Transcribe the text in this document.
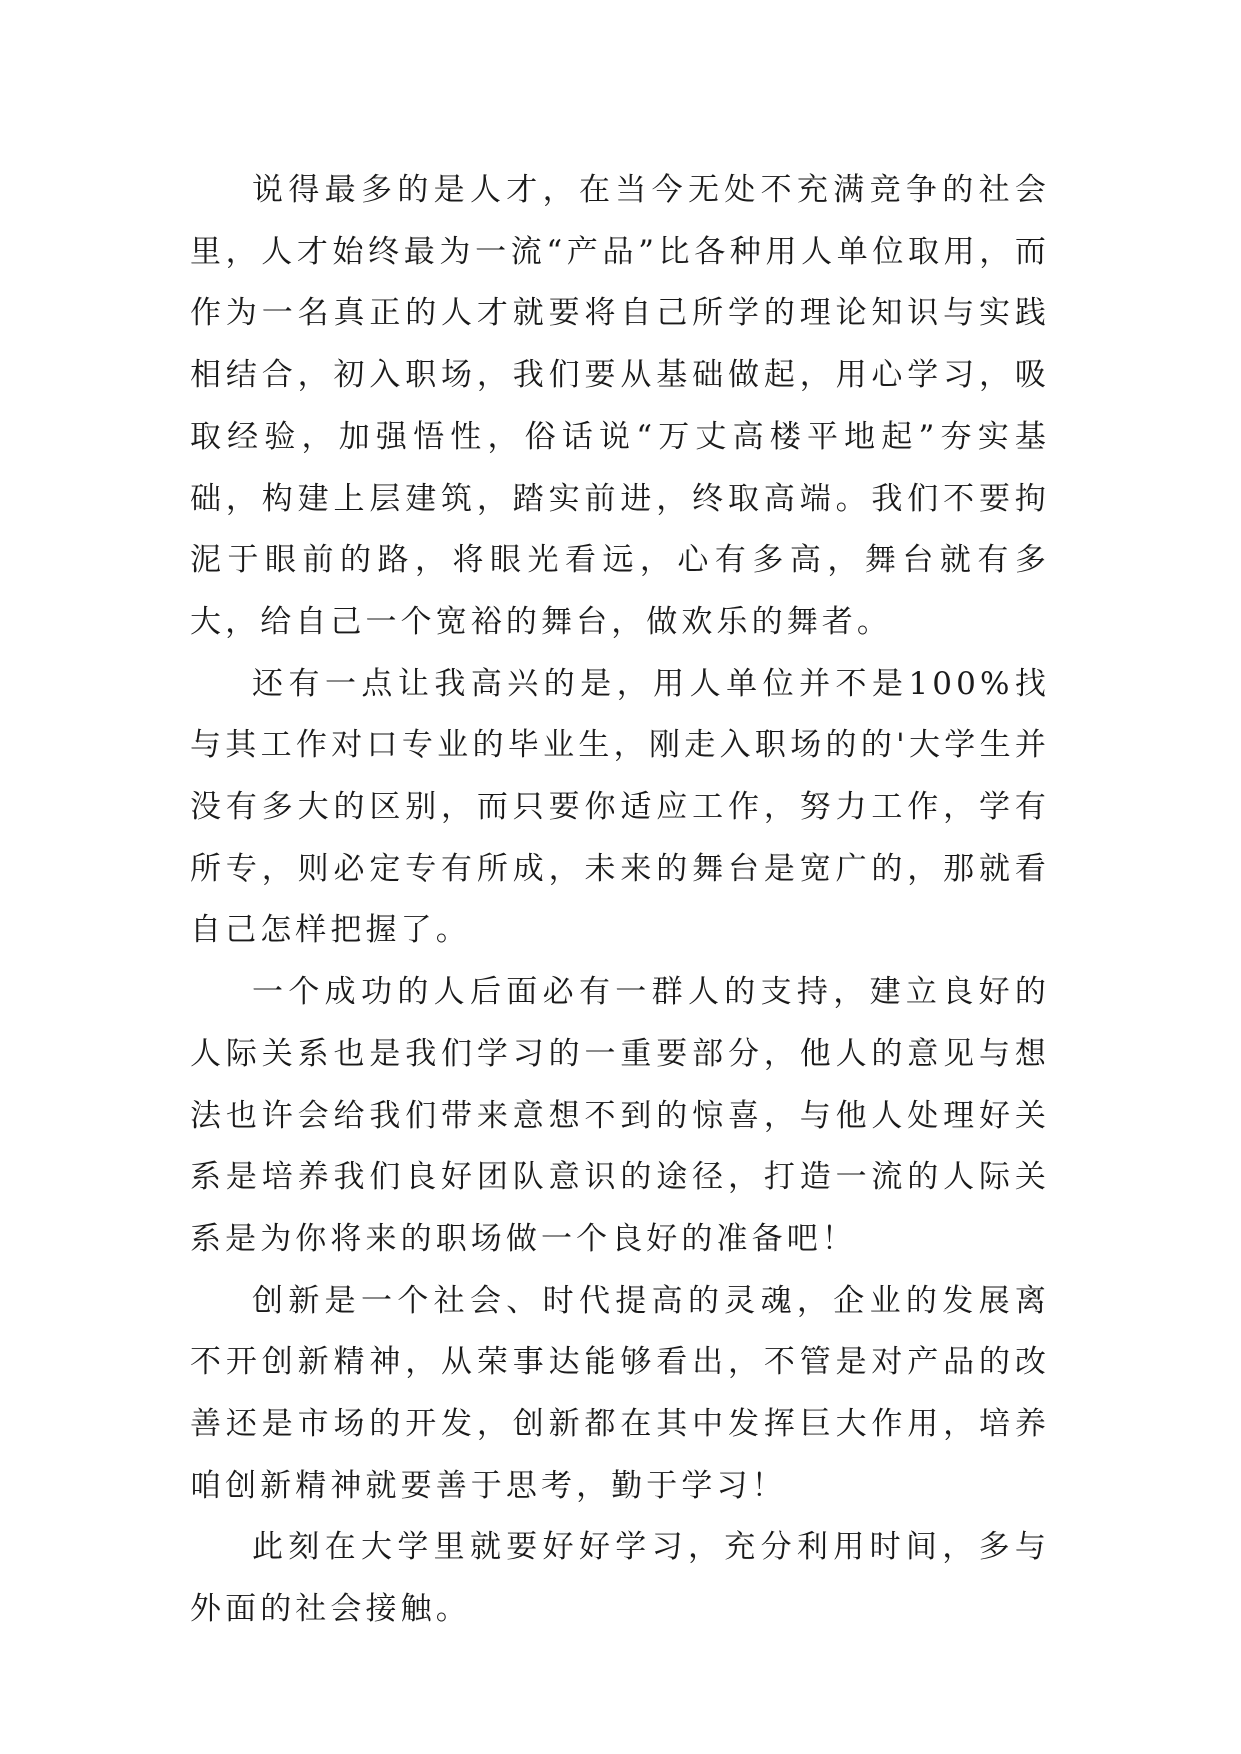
说得最多的是人才，在当今无处不充满竞争的社会里，人才始终最为一流“产品”比各种用人单位取用，而作为一名真正的人才就要将自己所学的理论知识与实践相结合，初入职场，我们要从基础做起，用心学习，吸取经验，加强悟性，俗话说“万丈高楼平地起”夯实基础，构建上层建筑，踏实前进，终取高端。我们不要拘泥于眼前的路，将眼光看远，心有多高，舞台就有多大，给自己一个宽裕的舞台，做欢乐的舞者。

还有一点让我高兴的是，用人单位并不是100%找与其工作对口专业的毕业生，刚走入职场的的'大学生并没有多大的区别，而只要你适应工作，努力工作，学有所专，则必定专有所成，未来的舞台是宽广的，那就看自己怎样把握了。

一个成功的人后面必有一群人的支持，建立良好的人际关系也是我们学习的一重要部分，他人的意见与想法也许会给我们带来意想不到的惊喜，与他人处理好关系是培养我们良好团队意识的途径，打造一流的人际关系是为你将来的职场做一个良好的准备吧！

创新是一个社会、时代提高的灵魂，企业的发展离不开创新精神，从荣事达能够看出，不管是对产品的改善还是市场的开发，创新都在其中发挥巨大作用，培养咱创新精神就要善于思考，勤于学习！

此刻在大学里就要好好学习，充分利用时间，多与外面的社会接触。
